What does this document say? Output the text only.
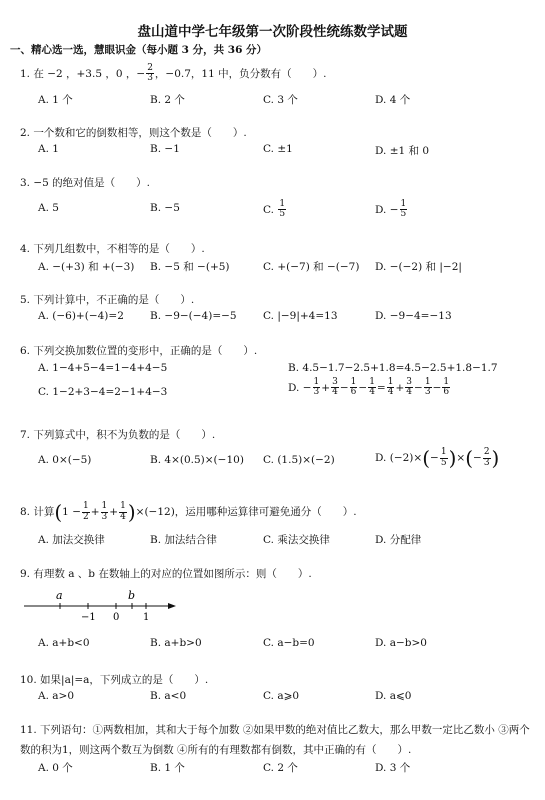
盘山道中学七年级第一次阶段性统练数学试题
一、精心选一选，慧眼识金（每小题 3 分，共 36 分）
1. 在 −2 ，+3.5 ，0 ，− $\frac{2}{3}$ ，−0.7，11 中，负分数有（　　）.
A. 1 个	B. 2 个	C. 3 个	D. 4 个
2. 一个数和它的倒数相等，则这个数是（　　）.
A. 1	B. −1	C. ±1	D. ±1 和 0
3. −5 的绝对值是（　　）.
A. 5	B. −5	C. $\frac{1}{5}$	D. − $\frac{1}{5}$
4. 下列几组数中，不相等的是（　　）.
A. −(+3) 和 +(−3) B. −5 和 −(+5)	C. +(−7) 和 −(−7) D. −(−2) 和 |−2|
5. 下列计算中，不正确的是（　　）.
A. (−6)+(−4)=2 B. −9−(−4)=−5	C. |−9|+4=13	D. −9−4=−13
6. 下列交换加数位置的变形中，正确的是（　　）.
A. 1−4+5−4=1−4+4−5	B. 4.5−1.7−2.5+1.8=4.5−2.5+1.8−1.7
C. 1−2+3−4=2−1+4−3	D. − $\frac{1}{3} + \frac{3}{4} - \frac{1}{6} - \frac{1}{4} = \frac{1}{4} + \frac{3}{4} - \frac{1}{3} - \frac{1}{6}$
7. 下列算式中，积不为负数的是（　　）.
A. 0×(−5)	B. 4×(0.5)×(−10) C. (1.5)×(−2)	D. $(-2)\times(- \frac{1}{5}$ )×(− $\frac{2}{3}$ )
8. 计算$(1 - \frac{1}{2} + \frac{1}{3} + \frac{1}{4} )\times(-12)$，运用哪种运算律可避免通分（　　）.
A. 加法交换律	B. 加法结合律	C. 乘法交换律	D. 分配律
9. 有理数 a 、b 在数轴上的对应的位置如图所示：则（　　）.
a	b
−1 0 1
A. a+b<0	B. a+b>0	C. a−b=0	D. a−b>0
10. 如果|a|=a，下列成立的是（　　）.
A. a>0	B. a<0	C. a⩾0	D. a⩽0
11. 下列语句：①两数相加，其和大于每个加数 ②如果甲数的绝对值比乙数大，那么甲数一定比乙数小 ③两个数的积为1，则这两个数互为倒数 ④所有的有理数都有倒数，其中正确的有（　　）.
A. 0 个	B. 1 个	C. 2 个	D. 3 个
